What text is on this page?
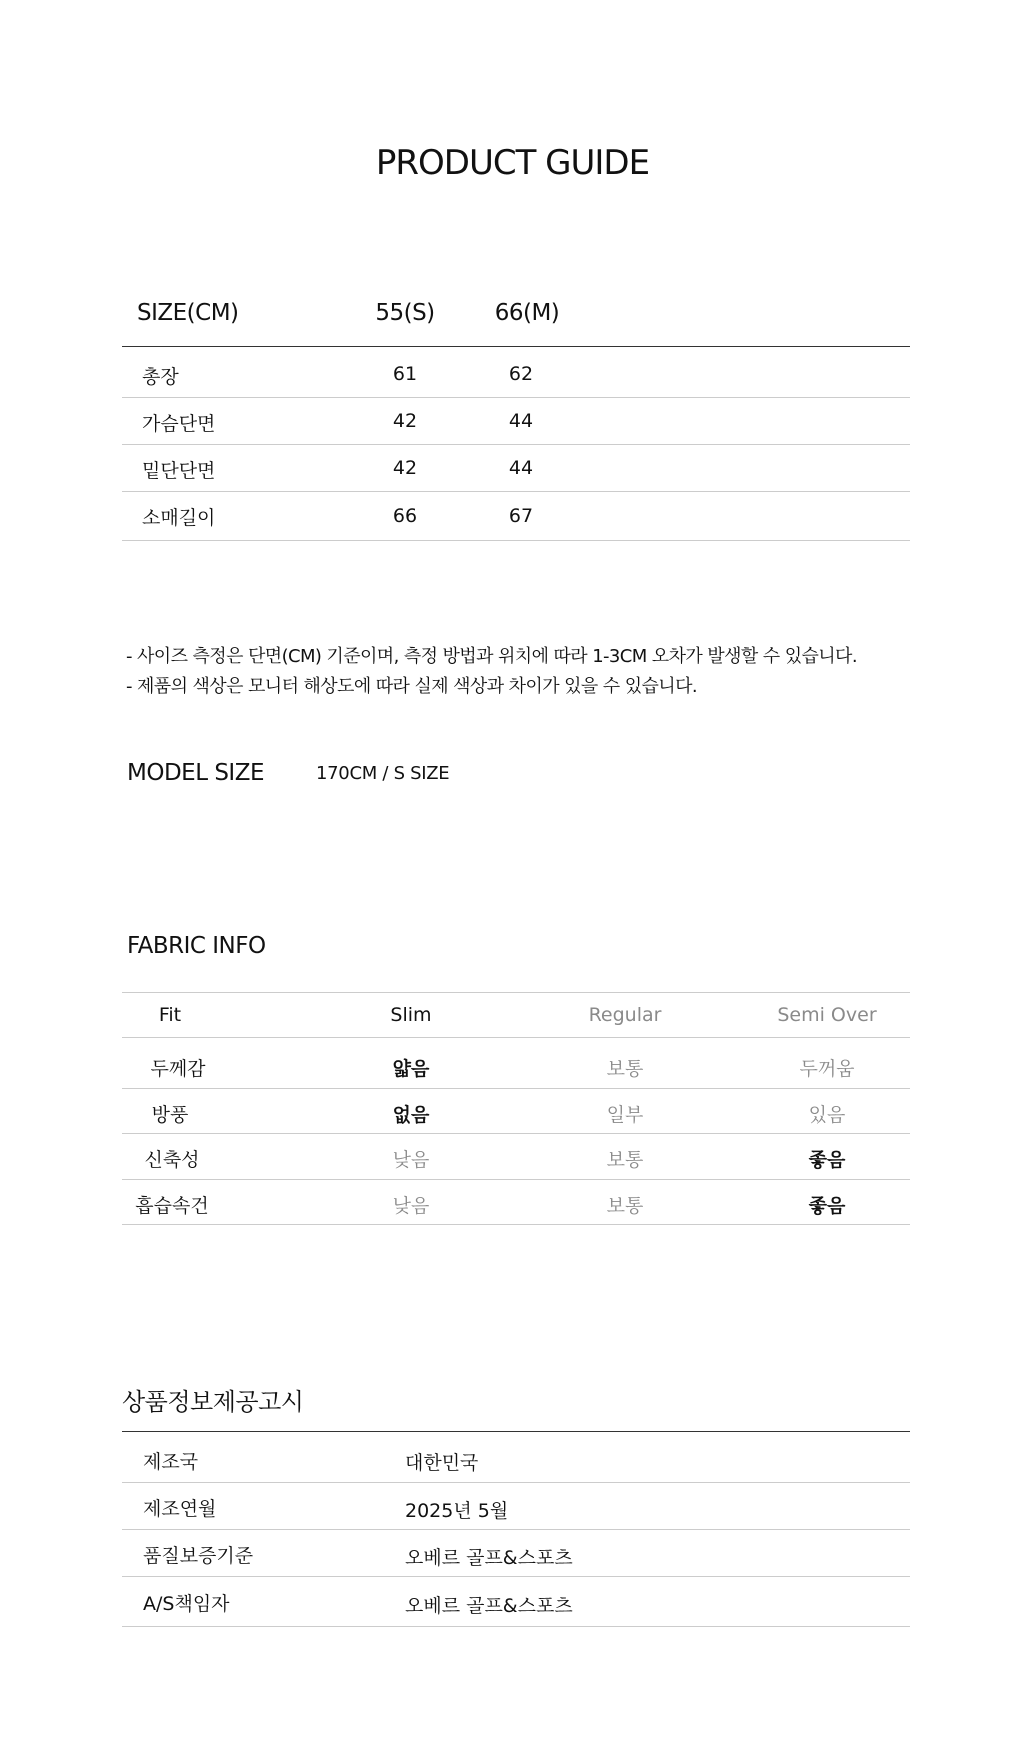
PRODUCT GUIDE
SIZE(CM)	55(S)	66(M)
총장	61	62
가슴단면	42	44
밑단단면	42	44
소매길이	66	67
- 사이즈 측정은 단면(CM) 기준이며, 측정 방법과 위치에 따라 1-3CM 오차가 발생할 수 있습니다.
- 제품의 색상은 모니터 해상도에 따라 실제 색상과 차이가 있을 수 있습니다.
MODEL SIZE	170CM / S SIZE
FABRIC INFO
Fit	Slim	Regular	Semi Over
두께감	얇음	보통	두꺼움
방풍	없음	일부	있음
신축성	낮음	보통	좋음
흡습속건	낮음	보통	좋음
상품정보제공고시
제조국	대한민국
제조연월	2025년 5월
품질보증기준	오베르 골프&스포츠
A/S책임자	오베르 골프&스포츠
